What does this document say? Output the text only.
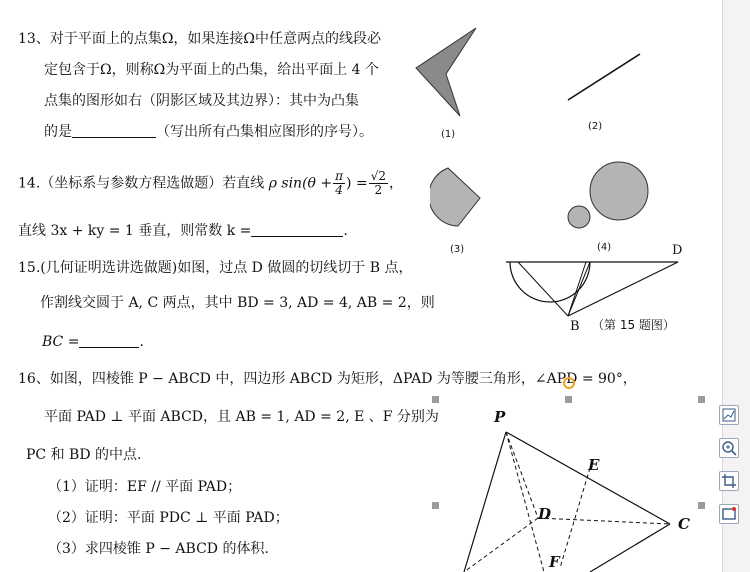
13、对于平面上的点集Ω，如果连接Ω中任意两点的线段必
定包含于Ω，则称Ω为平面上的凸集，给出平面上 4 个
点集的图形如右（阴影区域及其边界）：其中为凸集
的是	（写出所有凸集相应图形的序号）。	(1)
(2)
(3)	(4)
14.（坐标系与参数方程选做题）若直线 ρ $\sin(\theta + \frac{\pi}{4}$ ) = $\frac{√2}{2}$ ，
直线 3x + ky = 1 垂直，则常数 k =	.
15.(几何证明选讲选做题)如图，过点 D 做圆的切线切于 B 点，
作割线交圆于 A, C 两点，其中 BD = 3, AD = 4, AB = 2，则
BC =	.
D
B （第 15 题图）
16、如图，四棱锥 P − ABCD 中，四边形 ABCD 为矩形，ΔPAD 为等腰三角形，∠APD = 90°，
平面 PAD ⊥ 平面 ABCD，且 AB = 1, AD = 2, E 、F 分别为
PC 和 BD 的中点.
（1）证明：EF // 平面 PAD；
（2）证明：平面 PDC ⊥ 平面 PAD；
（3）求四棱锥 P − ABCD 的体积.
P
E
D
C
F
